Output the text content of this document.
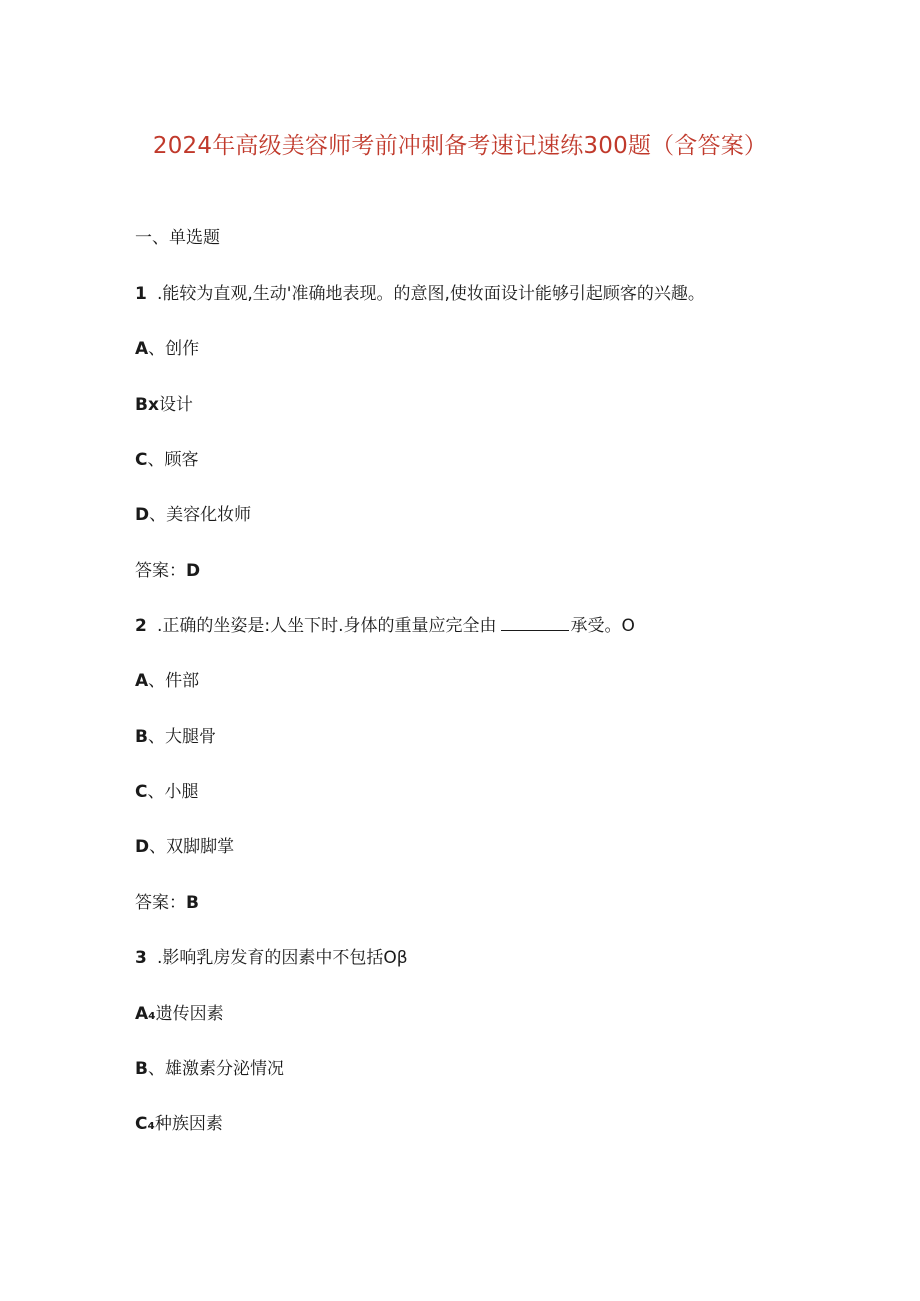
2024年高级美容师考前冲刺备考速记速练300题（含答案）
一、单选题
1 .能较为直观,生动'准确地表现。的意图,使妆面设计能够引起顾客的兴趣。
A、创作
Bx设计
C、顾客
D、美容化妆师
答案：D
2 .正确的坐姿是:人坐下时.身体的重量应完全由	承受。O
A、件部
B、大腿骨
C、小腿
D、双脚脚掌
答案：B
3 .影响乳房发育的因素中不包括Oβ
A₄遗传因素
B、雄激素分泌情况
C₄种族因素
